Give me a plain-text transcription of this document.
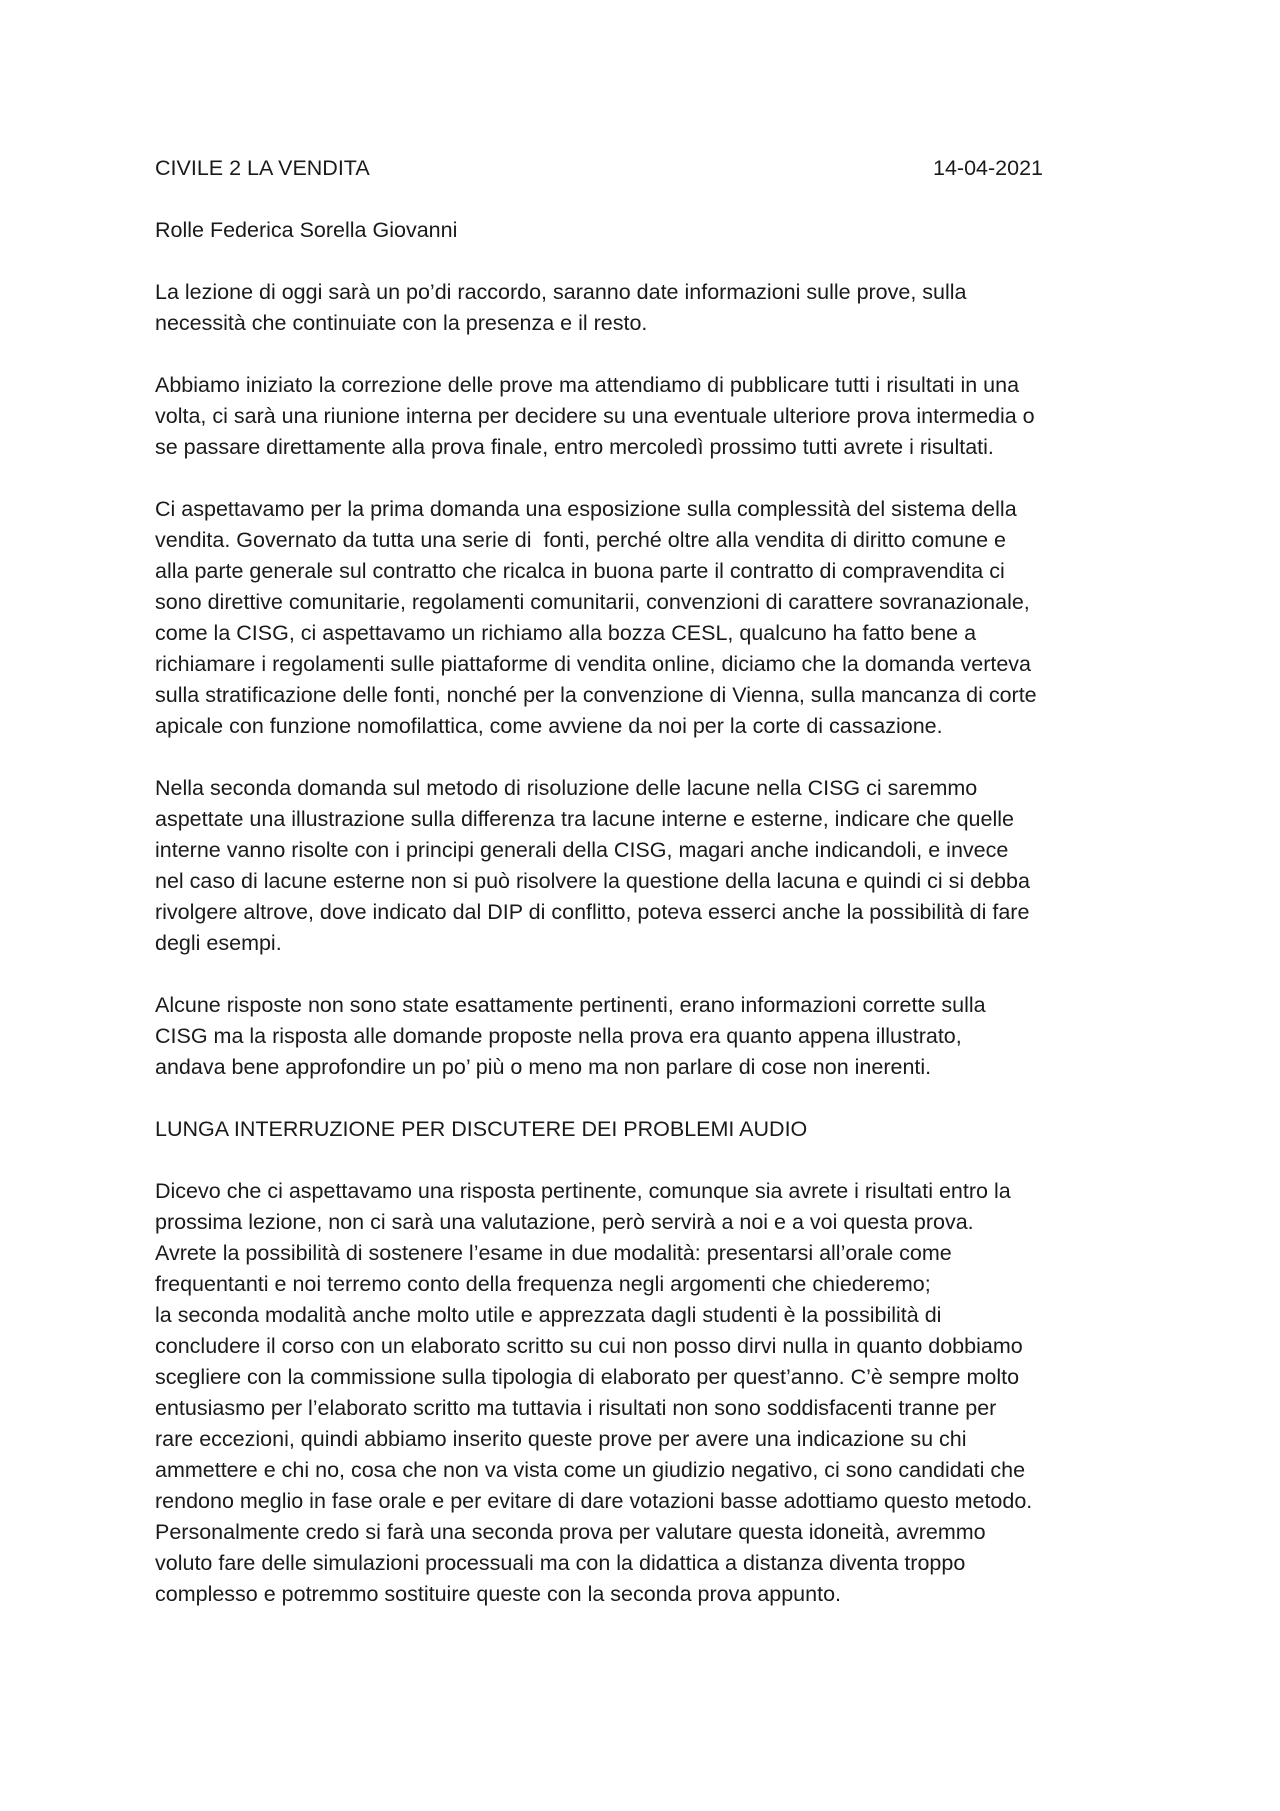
CIVILE 2 LA VENDITA	14-04-2021

Rolle Federica Sorella Giovanni

La lezione di oggi sarà un po’di raccordo, saranno date informazioni sulle prove, sulla
necessità che continuiate con la presenza e il resto.

Abbiamo iniziato la correzione delle prove ma attendiamo di pubblicare tutti i risultati in una
volta, ci sarà una riunione interna per decidere su una eventuale ulteriore prova intermedia o
se passare direttamente alla prova finale, entro mercoledì prossimo tutti avrete i risultati.

Ci aspettavamo per la prima domanda una esposizione sulla complessità del sistema della
vendita. Governato da tutta una serie di  fonti, perché oltre alla vendita di diritto comune e
alla parte generale sul contratto che ricalca in buona parte il contratto di compravendita ci
sono direttive comunitarie, regolamenti comunitarii, convenzioni di carattere sovranazionale,
come la CISG, ci aspettavamo un richiamo alla bozza CESL, qualcuno ha fatto bene a
richiamare i regolamenti sulle piattaforme di vendita online, diciamo che la domanda verteva
sulla stratificazione delle fonti, nonché per la convenzione di Vienna, sulla mancanza di corte
apicale con funzione nomofilattica, come avviene da noi per la corte di cassazione.

Nella seconda domanda sul metodo di risoluzione delle lacune nella CISG ci saremmo
aspettate una illustrazione sulla differenza tra lacune interne e esterne, indicare che quelle
interne vanno risolte con i principi generali della CISG, magari anche indicandoli, e invece
nel caso di lacune esterne non si può risolvere la questione della lacuna e quindi ci si debba
rivolgere altrove, dove indicato dal DIP di conflitto, poteva esserci anche la possibilità di fare
degli esempi.

Alcune risposte non sono state esattamente pertinenti, erano informazioni corrette sulla
CISG ma la risposta alle domande proposte nella prova era quanto appena illustrato,
andava bene approfondire un po’ più o meno ma non parlare di cose non inerenti.

LUNGA INTERRUZIONE PER DISCUTERE DEI PROBLEMI AUDIO

Dicevo che ci aspettavamo una risposta pertinente, comunque sia avrete i risultati entro la
prossima lezione, non ci sarà una valutazione, però servirà a noi e a voi questa prova.
Avrete la possibilità di sostenere l’esame in due modalità: presentarsi all’orale come
frequentanti e noi terremo conto della frequenza negli argomenti che chiederemo;
la seconda modalità anche molto utile e apprezzata dagli studenti è la possibilità di
concludere il corso con un elaborato scritto su cui non posso dirvi nulla in quanto dobbiamo
scegliere con la commissione sulla tipologia di elaborato per quest’anno. C’è sempre molto
entusiasmo per l’elaborato scritto ma tuttavia i risultati non sono soddisfacenti tranne per
rare eccezioni, quindi abbiamo inserito queste prove per avere una indicazione su chi
ammettere e chi no, cosa che non va vista come un giudizio negativo, ci sono candidati che
rendono meglio in fase orale e per evitare di dare votazioni basse adottiamo questo metodo.
Personalmente credo si farà una seconda prova per valutare questa idoneità, avremmo
voluto fare delle simulazioni processuali ma con la didattica a distanza diventa troppo
complesso e potremmo sostituire queste con la seconda prova appunto.
